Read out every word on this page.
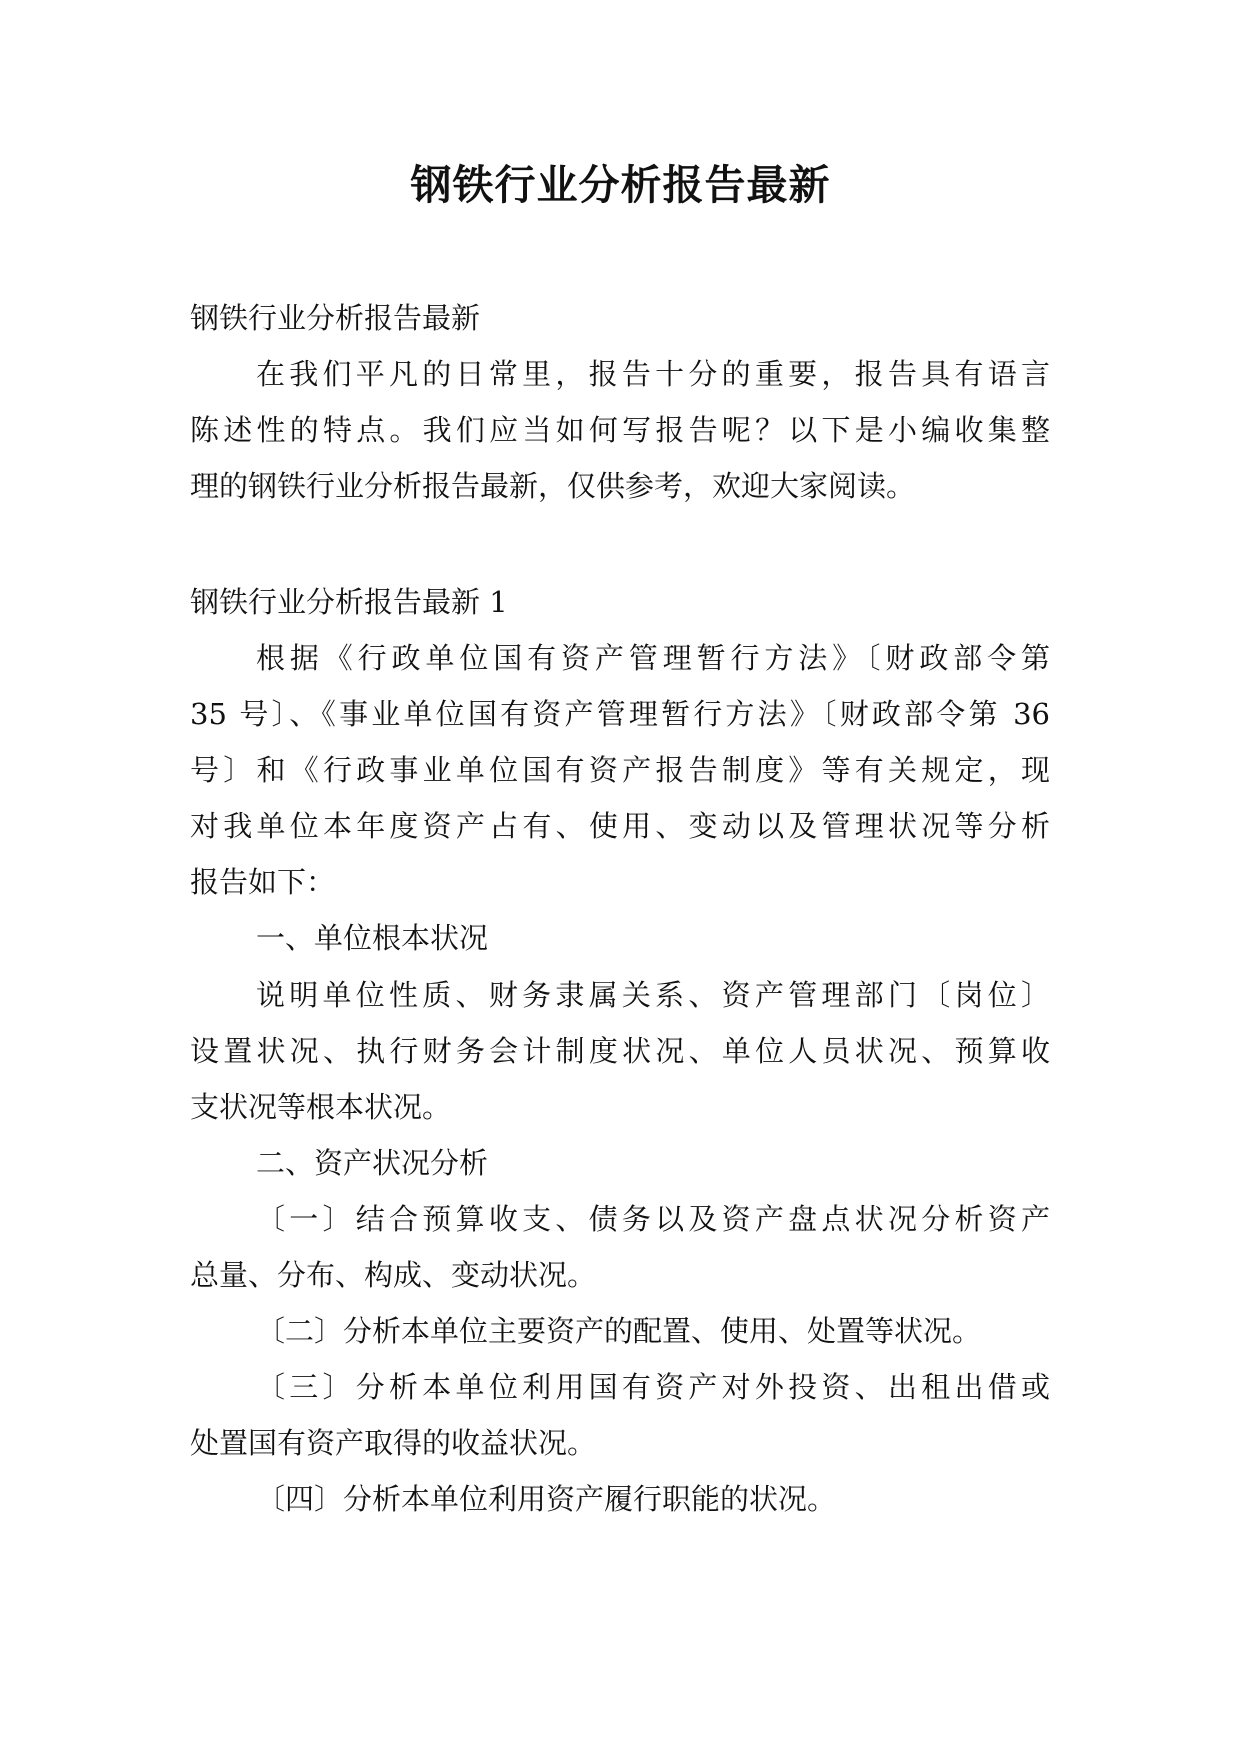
钢铁行业分析报告最新
钢铁行业分析报告最新
在我们平凡的日常里，报告十分的重要，报告具有语言
陈述性的特点。我们应当如何写报告呢？以下是小编收集整
理的钢铁行业分析报告最新，仅供参考，欢迎大家阅读。
钢铁行业分析报告最新 1
根据《行政单位国有资产管理暂行方法》〔财政部令第
35 号〕、《事业单位国有资产管理暂行方法》〔财政部令第 36
号〕和《行政事业单位国有资产报告制度》等有关规定，现
对我单位本年度资产占有、使用、变动以及管理状况等分析
报告如下：
一、单位根本状况
说明单位性质、财务隶属关系、资产管理部门〔岗位〕
设置状况、执行财务会计制度状况、单位人员状况、预算收
支状况等根本状况。
二、资产状况分析
〔一〕结合预算收支、债务以及资产盘点状况分析资产
总量、分布、构成、变动状况。
〔二〕分析本单位主要资产的配置、使用、处置等状况。
〔三〕分析本单位利用国有资产对外投资、出租出借或
处置国有资产取得的收益状况。
〔四〕分析本单位利用资产履行职能的状况。
